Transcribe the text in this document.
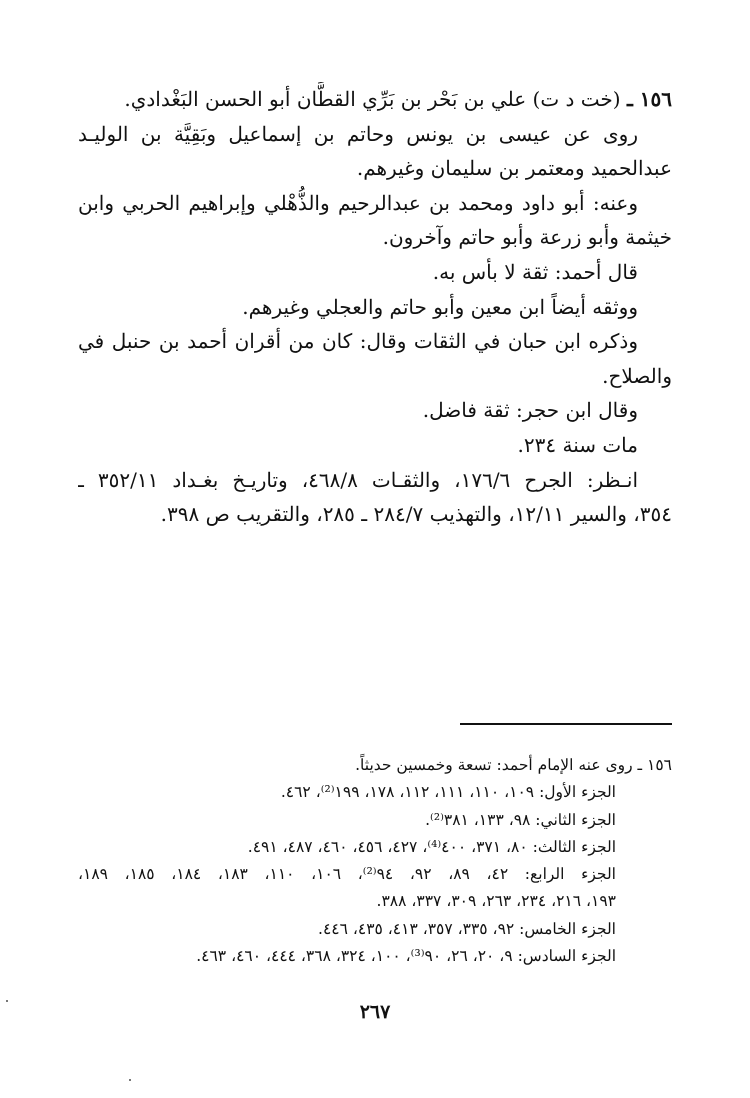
١٥٦ ـ (خت د ت) علي بن بَحْر بن بَرِّي القطَّان أبو الحسن البَغْدادي.
روى عن عيسى بن يونس وحاتم بن إسماعيل وبَقِيَّة بن الوليـد
عبدالحميد ومعتمر بن سليمان وغيرهم.
وعنه: أبو داود ومحمد بن عبدالرحيم والذُّهْلي وإبراهيم الحربي وابن
خيثمة وأبو زرعة وأبو حاتم وآخرون.
قال أحمد: ثقة لا بأس به.
ووثقه أيضاً ابن معين وأبو حاتم والعجلي وغيرهم.
وذكره ابن حبان في الثقات وقال: كان من أقران أحمد بن حنبل في
والصلاح.
وقال ابن حجر: ثقة فاضل.
مات سنة ٢٣٤.
انـظر: الجرح ١٧٦/٦، والثقـات ٤٦٨/٨، وتاريـخ بغـداد ٣٥٢/١١ ـ
٣٥٤، والسير ١٢/١١، والتهذيب ٢٨٤/٧ ـ ٢٨٥، والتقريب ص ٣٩٨.
١٥٦ ـ روى عنه الإمام أحمد: تسعة وخمسين حديثاً.
الجزء الأول: ١٠٩، ١١٠، ١١١، ١١٢، ١٧٨، ١٩٩⁽²⁾، ٤٦٢.
الجزء الثاني: ٩٨، ١٣٣، ٣٨١⁽²⁾.
الجزء الثالث: ٨٠، ٣٧١، ٤٠٠⁽⁴⁾، ٤٢٧، ٤٥٦، ٤٦٠، ٤٨٧، ٤٩١.
الجزء الرابع: ٤٢، ٨٩، ٩٢، ٩٤⁽²⁾، ١٠٦، ١١٠، ١٨٣، ١٨٤، ١٨٥، ١٨٩،
١٩٣، ٢١٦، ٢٣٤، ٢٦٣، ٣٠٩، ٣٣٧، ٣٨٨.
الجزء الخامس: ٩٢، ٣٣٥، ٣٥٧، ٤١٣، ٤٣٥، ٤٤٦.
الجزء السادس: ٩، ٢٠، ٢٦، ٩٠⁽³⁾، ١٠٠، ٣٢٤، ٣٦٨، ٤٤٤، ٤٦٠، ٤٦٣.
٢٦٧
